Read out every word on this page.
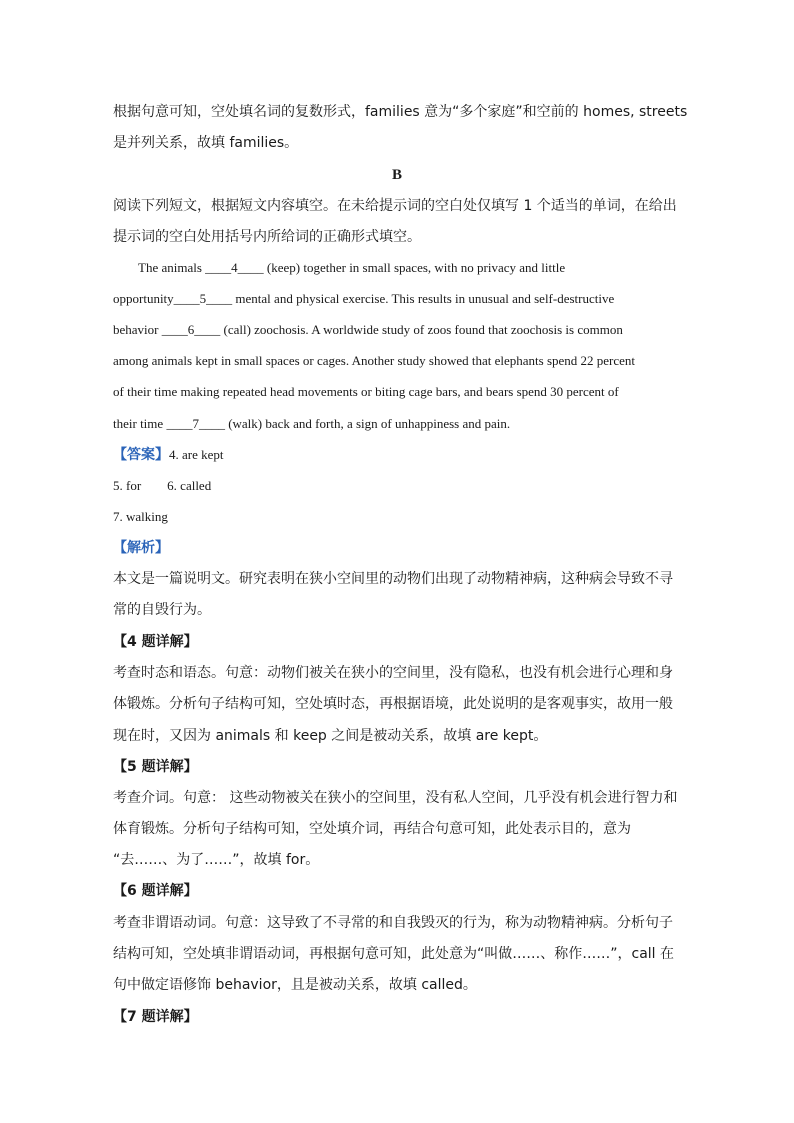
根据句意可知，空处填名词的复数形式，families 意为“多个家庭”和空前的 homes, streets
是并列关系，故填 families。
B
阅读下列短文，根据短文内容填空。在未给提示词的空白处仅填写 1 个适当的单词，在给出
提示词的空白处用括号内所给词的正确形式填空。
The animals ____4____ (keep) together in small spaces, with no privacy and little
opportunity____5____ mental and physical exercise. This results in unusual and self-destructive
behavior ____6____ (call) zoochosis. A worldwide study of zoos found that zoochosis is common
among animals kept in small spaces or cages. Another study showed that elephants spend 22 percent
of their time making repeated head movements or biting cage bars, and bears spend 30 percent of
their time ____7____ (walk) back and forth, a sign of unhappiness and pain.
【答案】4. are kept
5. for 6. called
7. walking
【解析】
本文是一篇说明文。研究表明在狭小空间里的动物们出现了动物精神病，这种病会导致不寻
常的自毁行为。
【4 题详解】
考查时态和语态。句意：动物们被关在狭小的空间里，没有隐私，也没有机会进行心理和身
体锻炼。分析句子结构可知，空处填时态，再根据语境，此处说明的是客观事实，故用一般
现在时，又因为 animals 和 keep 之间是被动关系，故填 are kept。
【5 题详解】
考查介词。句意： 这些动物被关在狭小的空间里，没有私人空间，几乎没有机会进行智力和
体育锻炼。分析句子结构可知，空处填介词，再结合句意可知，此处表示目的，意为
“去……、为了……”，故填 for。
【6 题详解】
考查非谓语动词。句意：这导致了不寻常的和自我毁灭的行为，称为动物精神病。分析句子
结构可知，空处填非谓语动词，再根据句意可知，此处意为“叫做……、称作……”，call 在
句中做定语修饰 behavior，且是被动关系，故填 called。
【7 题详解】
